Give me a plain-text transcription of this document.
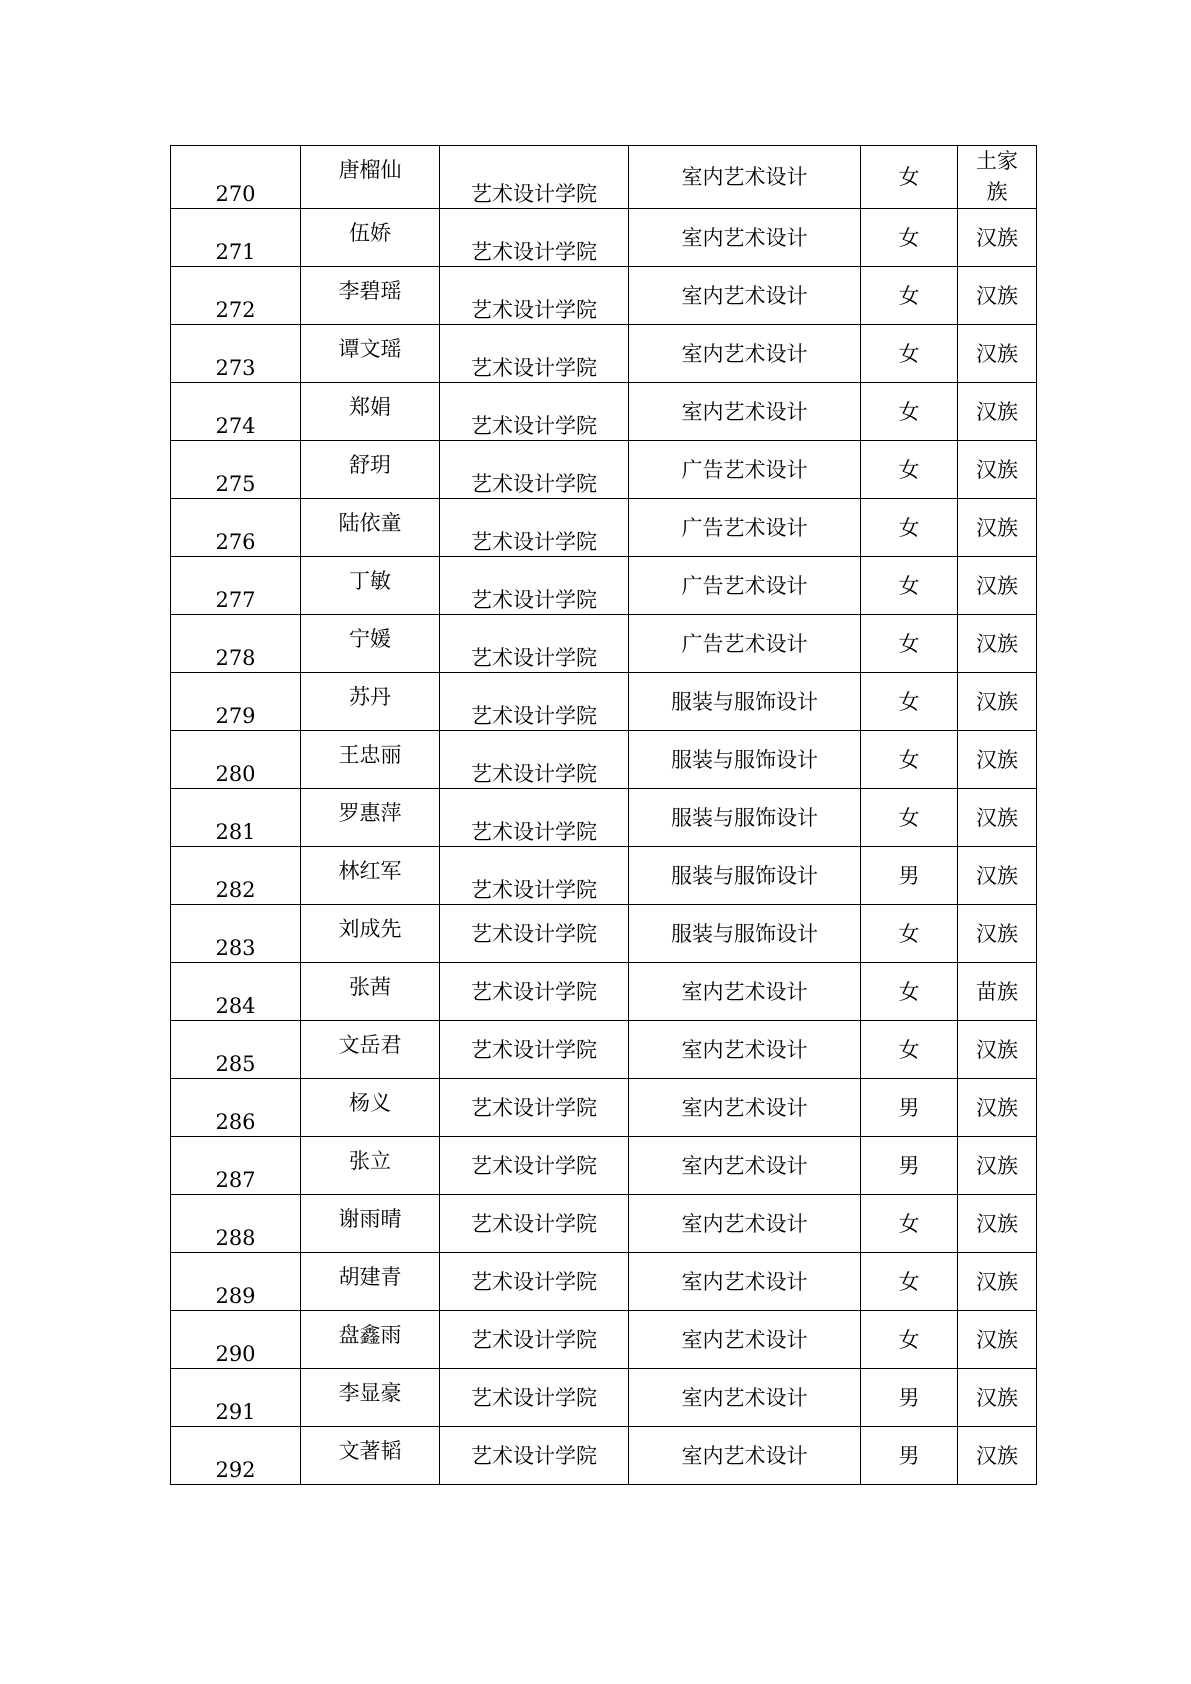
270	唐榴仙	艺术设计学院	室内艺术设计	女	土家族

271	伍娇	艺术设计学院	室内艺术设计	女	汉族

272	李碧瑶	艺术设计学院	室内艺术设计	女	汉族

273	谭文瑶	艺术设计学院	室内艺术设计	女	汉族

274	郑娟	艺术设计学院	室内艺术设计	女	汉族

275	舒玥	艺术设计学院	广告艺术设计	女	汉族

276	陆依童	艺术设计学院	广告艺术设计	女	汉族

277	丁敏	艺术设计学院	广告艺术设计	女	汉族

278	宁媛	艺术设计学院	广告艺术设计	女	汉族

279	苏丹	艺术设计学院	服装与服饰设计	女	汉族

280	王忠丽	艺术设计学院	服装与服饰设计	女	汉族

281	罗惠萍	艺术设计学院	服装与服饰设计	女	汉族

282	林红军	艺术设计学院	服装与服饰设计	男	汉族

283	刘成先	艺术设计学院	服装与服饰设计	女	汉族

284	张茜	艺术设计学院	室内艺术设计	女	苗族

285	文岳君	艺术设计学院	室内艺术设计	女	汉族

286	杨义	艺术设计学院	室内艺术设计	男	汉族

287	张立	艺术设计学院	室内艺术设计	男	汉族

288	谢雨晴	艺术设计学院	室内艺术设计	女	汉族

289	胡建青	艺术设计学院	室内艺术设计	女	汉族

290	盘鑫雨	艺术设计学院	室内艺术设计	女	汉族

291	李显豪	艺术设计学院	室内艺术设计	男	汉族

292	文著韬	艺术设计学院	室内艺术设计	男	汉族
